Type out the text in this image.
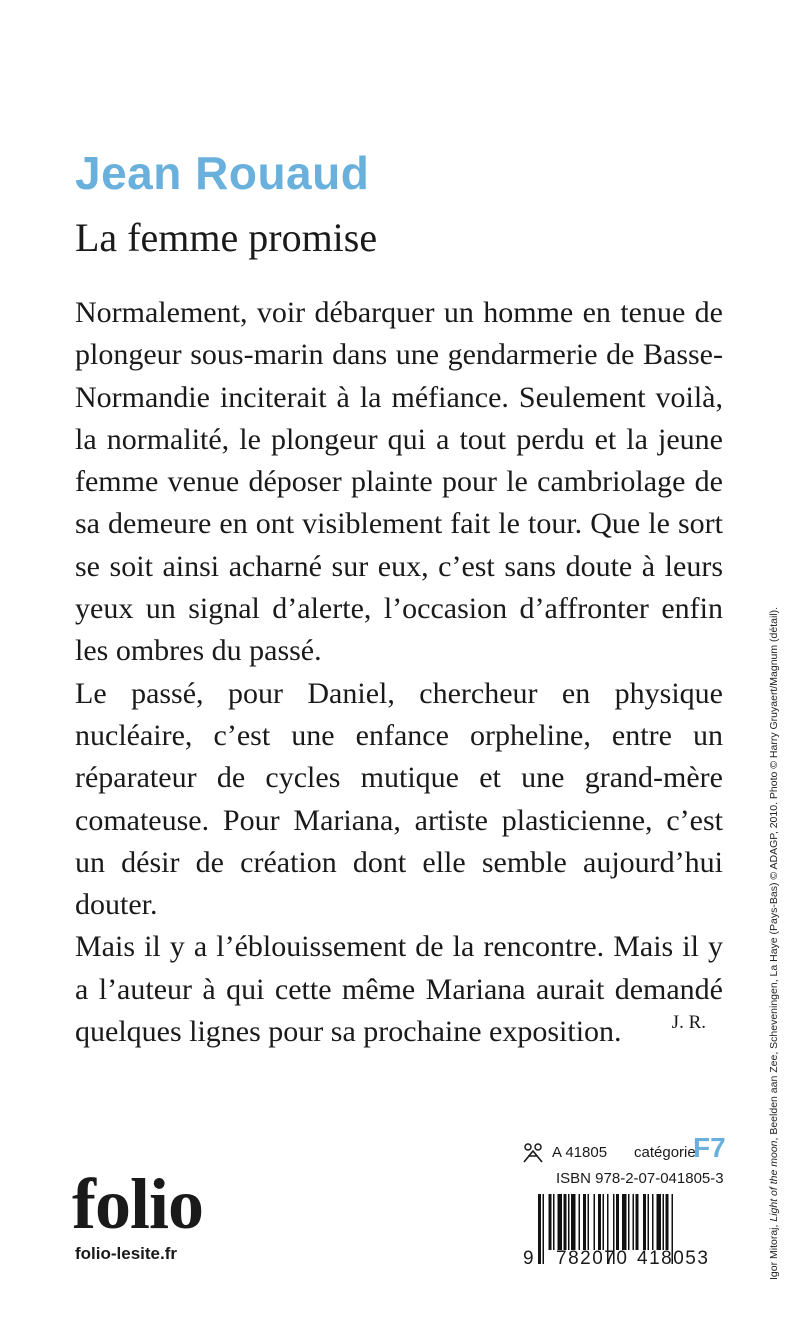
Jean Rouaud
La femme promise

Normalement, voir débarquer un homme en tenue de plongeur sous-marin dans une gendarmerie de Basse-Normandie inciterait à la méfiance. Seulement voilà, la normalité, le plongeur qui a tout perdu et la jeune femme venue déposer plainte pour le cambriolage de sa demeure en ont visiblement fait le tour. Que le sort se soit ainsi acharné sur eux, c’est sans doute à leurs yeux un signal d’alerte, l’occasion d’affronter enfin les ombres du passé.

Le passé, pour Daniel, chercheur en physique nucléaire, c’est une enfance orpheline, entre un réparateur de cycles mutique et une grand-mère comateuse. Pour Mariana, artiste plasticienne, c’est un désir de création dont elle semble aujourd’hui douter.

Mais il y a l’éblouissement de la rencontre. Mais il y a l’auteur à qui cette même Mariana aurait demandé quelques lignes pour sa prochaine exposition.	J. R.
Igor Mitoraj, Light of the moon, Beelden aan Zee, Scheveningen, La Haye (Pays-Bas) © ADAGP, 2010. Photo © Harry Gruyaert/Magnum (détail).
A 41805 catégorie
F7
ISBN 978-2-07-041805-3
9 782070 418053
folio
folio-lesite.fr
